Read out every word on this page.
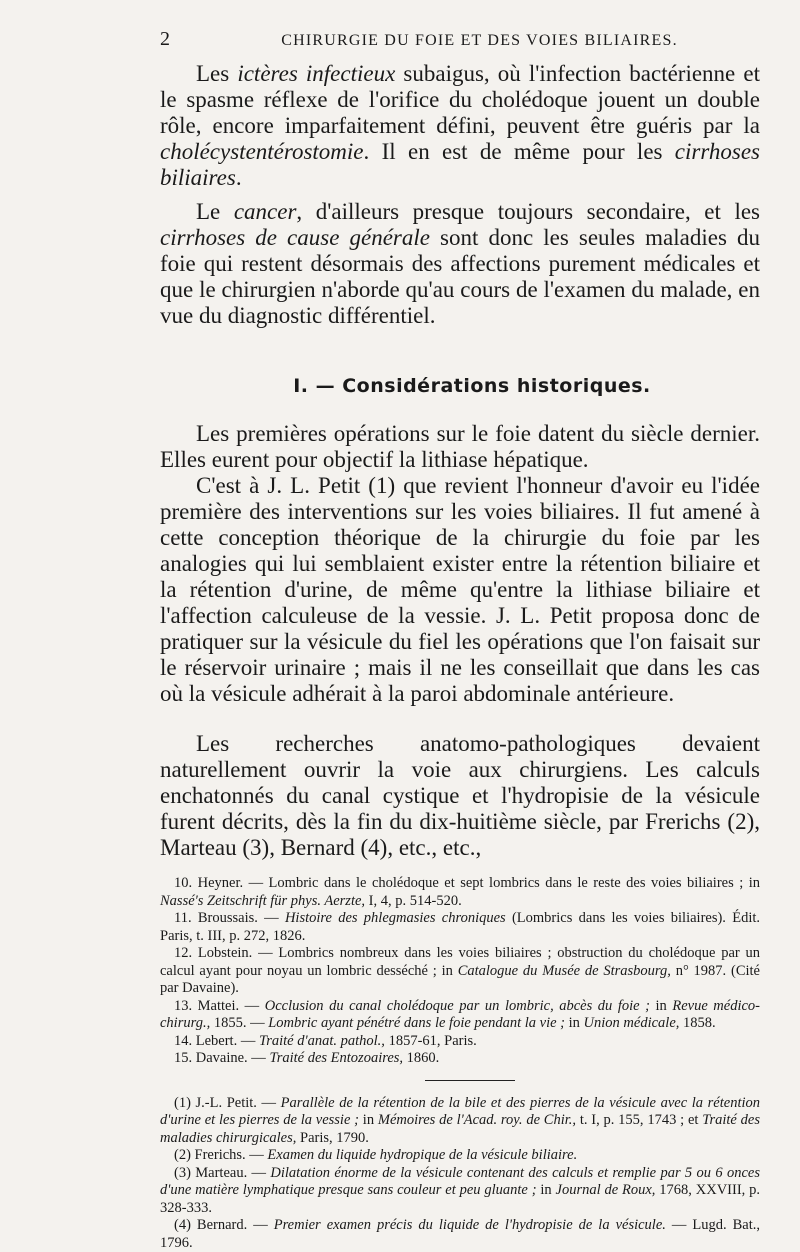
2	CHIRURGIE DU FOIE ET DES VOIES BILIAIRES.

Les ictères infectieux subaigus, où l'infection bactérienne et le spasme réflexe de l'orifice du cholédoque jouent un double rôle, encore imparfaitement défini, peuvent être guéris par la cholécystentérostomie. Il en est de même pour les cirrhoses biliaires.

Le cancer, d'ailleurs presque toujours secondaire, et les cirrhoses de cause générale sont donc les seules maladies du foie qui restent désormais des affections purement médicales et que le chirurgien n'aborde qu'au cours de l'examen du malade, en vue du diagnostic différentiel.

I. — Considérations historiques.

Les premières opérations sur le foie datent du siècle dernier. Elles eurent pour objectif la lithiase hépatique.

C'est à J. L. Petit (1) que revient l'honneur d'avoir eu l'idée première des interventions sur les voies biliaires. Il fut amené à cette conception théorique de la chirurgie du foie par les analogies qui lui semblaient exister entre la rétention biliaire et la rétention d'urine, de même qu'entre la lithiase biliaire et l'affection calculeuse de la vessie. J. L. Petit proposa donc de pratiquer sur la vésicule du fiel les opérations que l'on faisait sur le réservoir urinaire ; mais il ne les conseillait que dans les cas où la vésicule adhérait à la paroi abdominale antérieure.

Les recherches anatomo-pathologiques devaient naturellement ouvrir la voie aux chirurgiens. Les calculs enchatonnés du canal cystique et l'hydropisie de la vésicule furent décrits, dès la fin du dix-huitième siècle, par Frerichs (2), Marteau (3), Bernard (4), etc., etc.,

10. Heyner. — Lombric dans le cholédoque et sept lombrics dans le reste des voies biliaires ; in Nassé's Zeitschrift für phys. Aerzte, I, 4, p. 514-520.

11. Broussais. — Histoire des phlegmasies chroniques (Lombrics dans les voies biliaires). Édit. Paris, t. III, p. 272, 1826.

12. Lobstein. — Lombrics nombreux dans les voies biliaires ; obstruction du cholédoque par un calcul ayant pour noyau un lombric desséché ; in Catalogue du Musée de Strasbourg, n° 1987. (Cité par Davaine).

13. Mattei. — Occlusion du canal cholédoque par un lombric, abcès du foie ; in Revue médico-chirurg., 1855. — Lombric ayant pénétré dans le foie pendant la vie ; in Union médicale, 1858.

14. Lebert. — Traité d'anat. pathol., 1857-61, Paris.

15. Davaine. — Traité des Entozoaires, 1860.

(1) J.-L. Petit. — Parallèle de la rétention de la bile et des pierres de la vésicule avec la rétention d'urine et les pierres de la vessie ; in Mémoires de l'Acad. roy. de Chir., t. I, p. 155, 1743 ; et Traité des maladies chirurgicales, Paris, 1790.

(2) Frerichs. — Examen du liquide hydropique de la vésicule biliaire.

(3) Marteau. — Dilatation énorme de la vésicule contenant des calculs et remplie par 5 ou 6 onces d'une matière lymphatique presque sans couleur et peu gluante ; in Journal de Roux, 1768, XXVIII, p. 328-333.

(4) Bernard. — Premier examen précis du liquide de l'hydropisie de la vésicule. — Lugd. Bat., 1796.
